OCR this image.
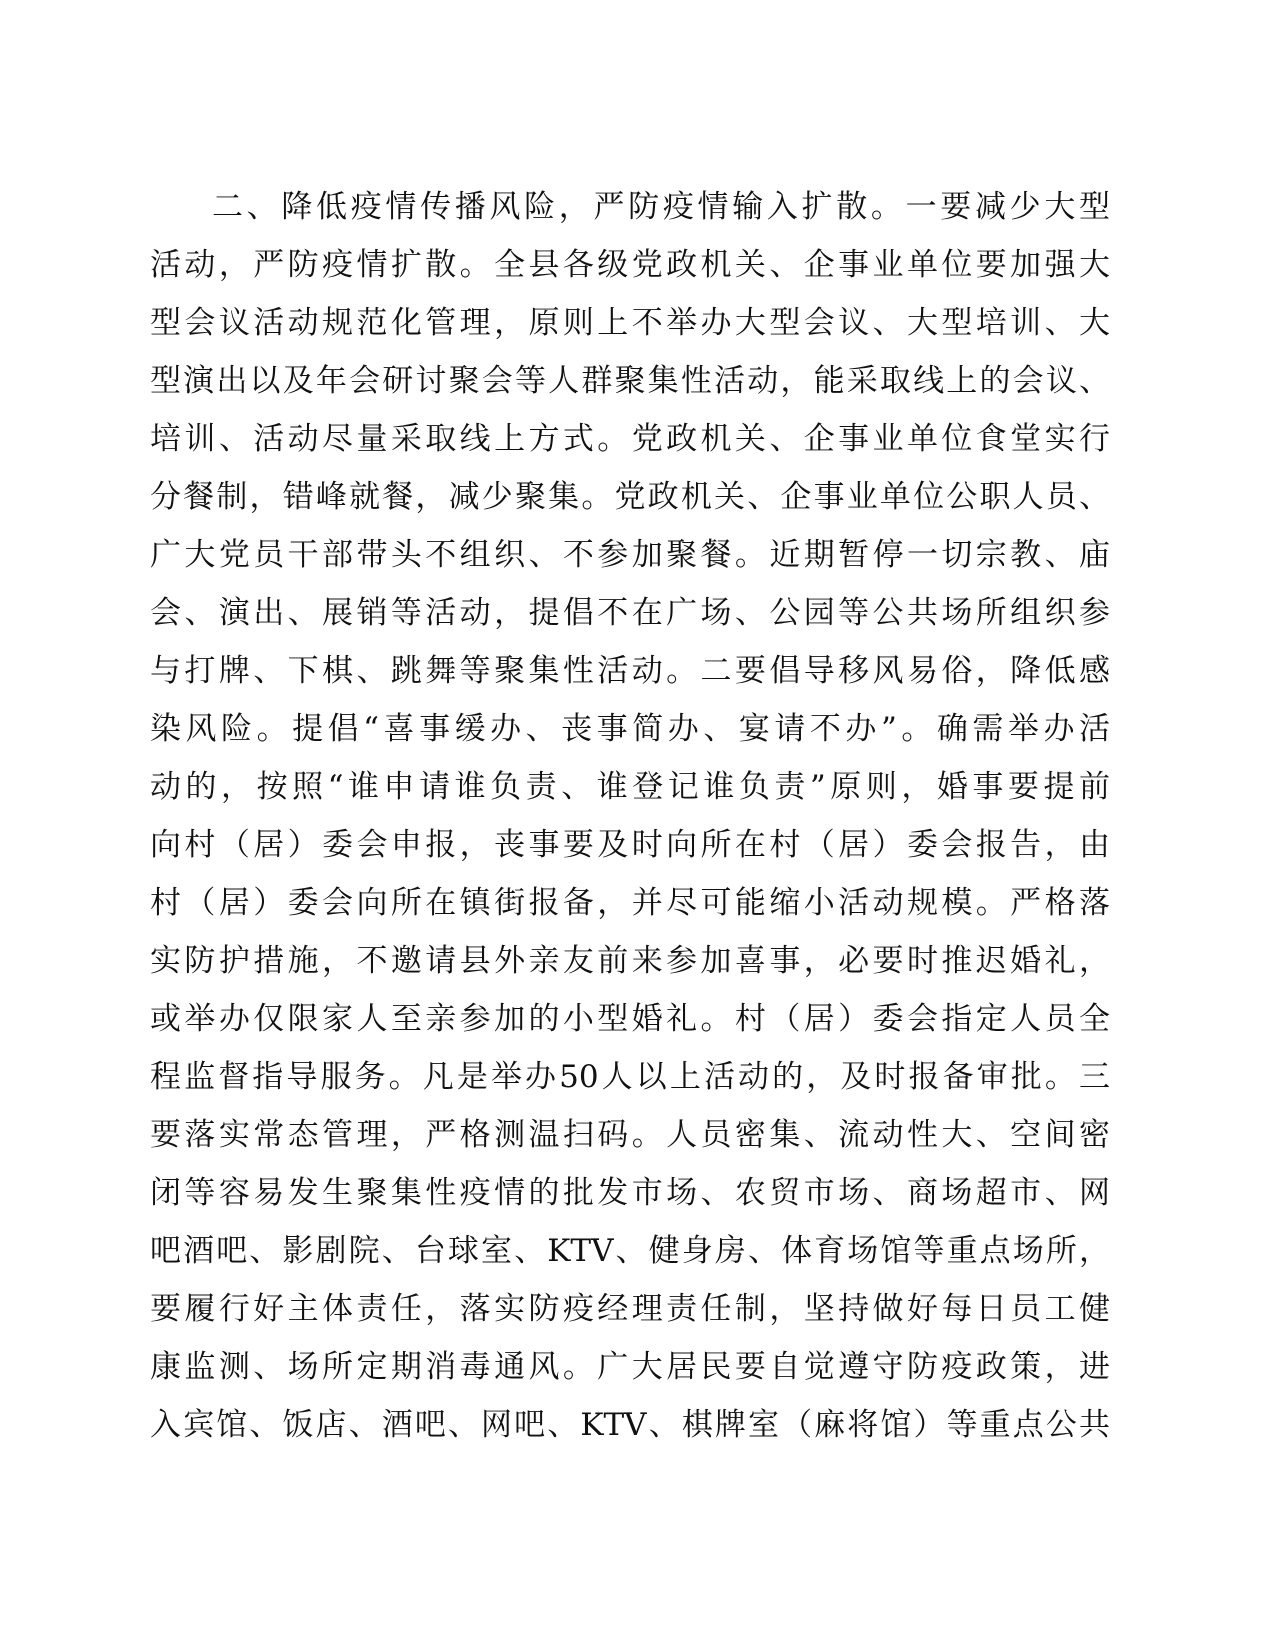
二、降低疫情传播风险，严防疫情输入扩散。一要减少大型
活动，严防疫情扩散。全县各级党政机关、企事业单位要加强大
型会议活动规范化管理，原则上不举办大型会议、大型培训、大
型演出以及年会研讨聚会等人群聚集性活动，能采取线上的会议、
培训、活动尽量采取线上方式。党政机关、企事业单位食堂实行
分餐制，错峰就餐，减少聚集。党政机关、企事业单位公职人员、
广大党员干部带头不组织、不参加聚餐。近期暂停一切宗教、庙
会、演出、展销等活动，提倡不在广场、公园等公共场所组织参
与打牌、下棋、跳舞等聚集性活动。二要倡导移风易俗，降低感
染风险。提倡“喜事缓办、丧事简办、宴请不办”。确需举办活
动的，按照“谁申请谁负责、谁登记谁负责”原则，婚事要提前
向村（居）委会申报，丧事要及时向所在村（居）委会报告，由
村（居）委会向所在镇街报备，并尽可能缩小活动规模。严格落
实防护措施，不邀请县外亲友前来参加喜事，必要时推迟婚礼，
或举办仅限家人至亲参加的小型婚礼。村（居）委会指定人员全
程监督指导服务。凡是举办50人以上活动的，及时报备审批。三
要落实常态管理，严格测温扫码。人员密集、流动性大、空间密
闭等容易发生聚集性疫情的批发市场、农贸市场、商场超市、网
吧酒吧、影剧院、台球室、KTV、健身房、体育场馆等重点场所，
要履行好主体责任，落实防疫经理责任制，坚持做好每日员工健
康监测、场所定期消毒通风。广大居民要自觉遵守防疫政策，进
入宾馆、饭店、酒吧、网吧、KTV、棋牌室（麻将馆）等重点公共
